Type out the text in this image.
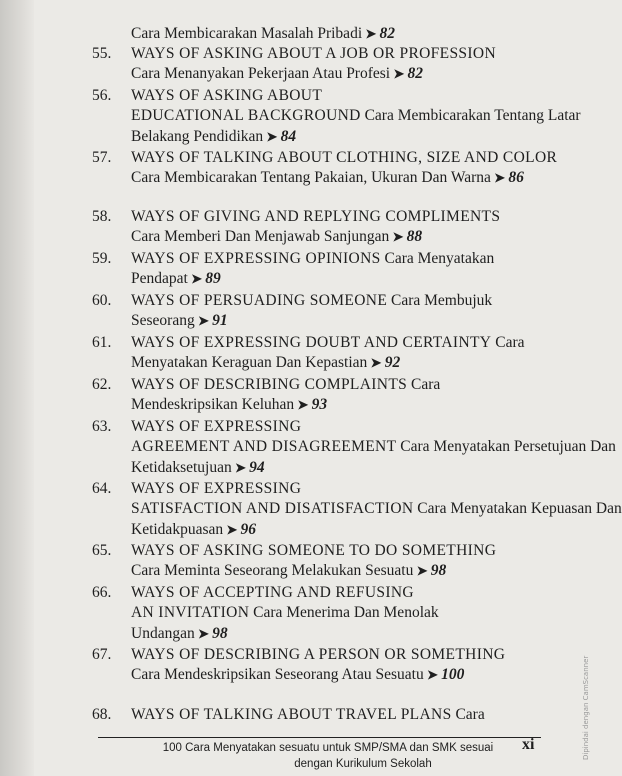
Cara Membicarakan Masalah Pribadi ➤ 82
55.	WAYS OF ASKING ABOUT A JOB OR PROFESSION
Cara Menanyakan Pekerjaan Atau Profesi ➤ 82
56.	WAYS OF ASKING ABOUT
EDUCATIONAL BACKGROUND Cara Membicarakan Tentang Latar
Belakang Pendidikan ➤ 84
57.	WAYS OF TALKING ABOUT CLOTHING, SIZE AND COLOR
Cara Membicarakan Tentang Pakaian, Ukuran Dan Warna ➤ 86
58.	WAYS OF GIVING AND REPLYING COMPLIMENTS
Cara Memberi Dan Menjawab Sanjungan ➤ 88
59.	WAYS OF EXPRESSING OPINIONS Cara Menyatakan
Pendapat ➤ 89
60.	WAYS OF PERSUADING SOMEONE Cara Membujuk
Seseorang ➤ 91
61.	WAYS OF EXPRESSING DOUBT AND CERTAINTY Cara
Menyatakan Keraguan Dan Kepastian ➤ 92
62.	WAYS OF DESCRIBING COMPLAINTS Cara
Mendeskripsikan Keluhan ➤ 93
63.	WAYS OF EXPRESSING
AGREEMENT AND DISAGREEMENT Cara Menyatakan Persetujuan Dan
Ketidaksetujuan ➤ 94
64.	WAYS OF EXPRESSING
SATISFACTION AND DISATISFACTION Cara Menyatakan Kepuasan Dan
Ketidakpuasan ➤ 96
65.	WAYS OF ASKING SOMEONE TO DO SOMETHING
Cara Meminta Seseorang Melakukan Sesuatu ➤ 98
66.	WAYS OF ACCEPTING AND REFUSING
AN INVITATION Cara Menerima Dan Menolak
Undangan ➤ 98
67.	WAYS OF DESCRIBING A PERSON OR SOMETHING
Cara Mendeskripsikan Seseorang Atau Sesuatu ➤ 100
68.	WAYS OF TALKING ABOUT TRAVEL PLANS Cara
100 Cara Menyatakan sesuatu untuk SMP/SMA dan SMK sesuai
dengan Kurikulum Sekolah
xi	Dipindai dengan CamScanner
